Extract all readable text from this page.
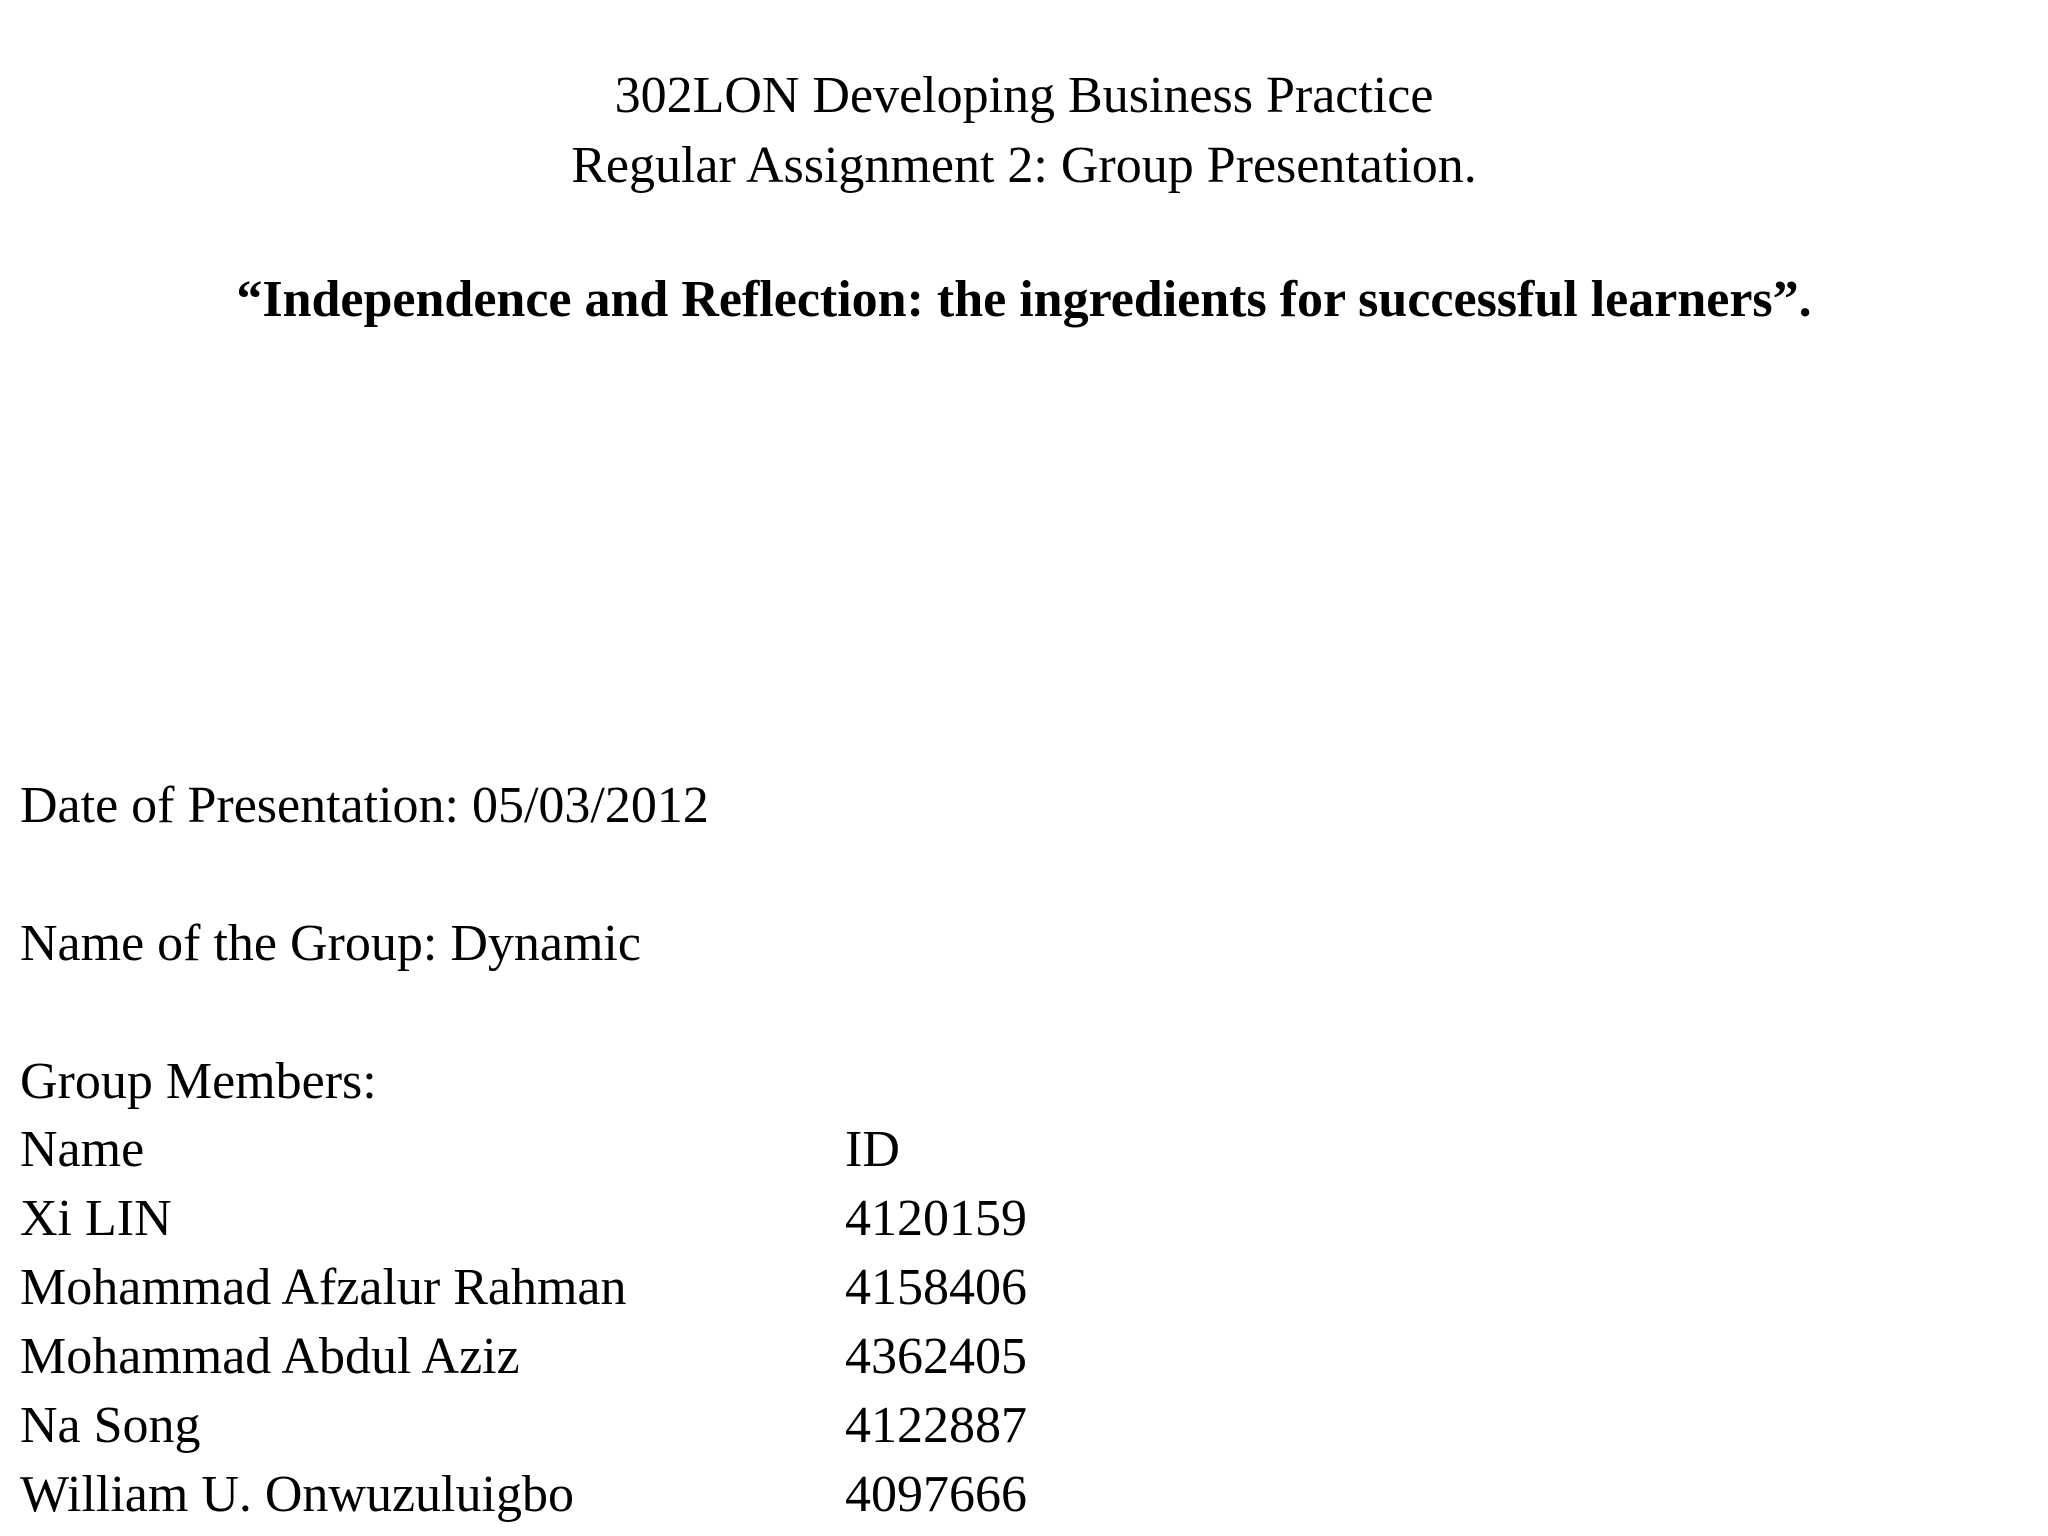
302LON Developing Business Practice
Regular Assignment 2: Group Presentation.
“Independence and Reflection: the ingredients for successful learners”.
Date of Presentation: 05/03/2012
Name of the Group: Dynamic
Group Members:
Name	ID
Xi LIN	4120159
Mohammad Afzalur Rahman	4158406
Mohammad Abdul Aziz	4362405
Na Song	4122887
William U. Onwuzuluigbo	4097666
